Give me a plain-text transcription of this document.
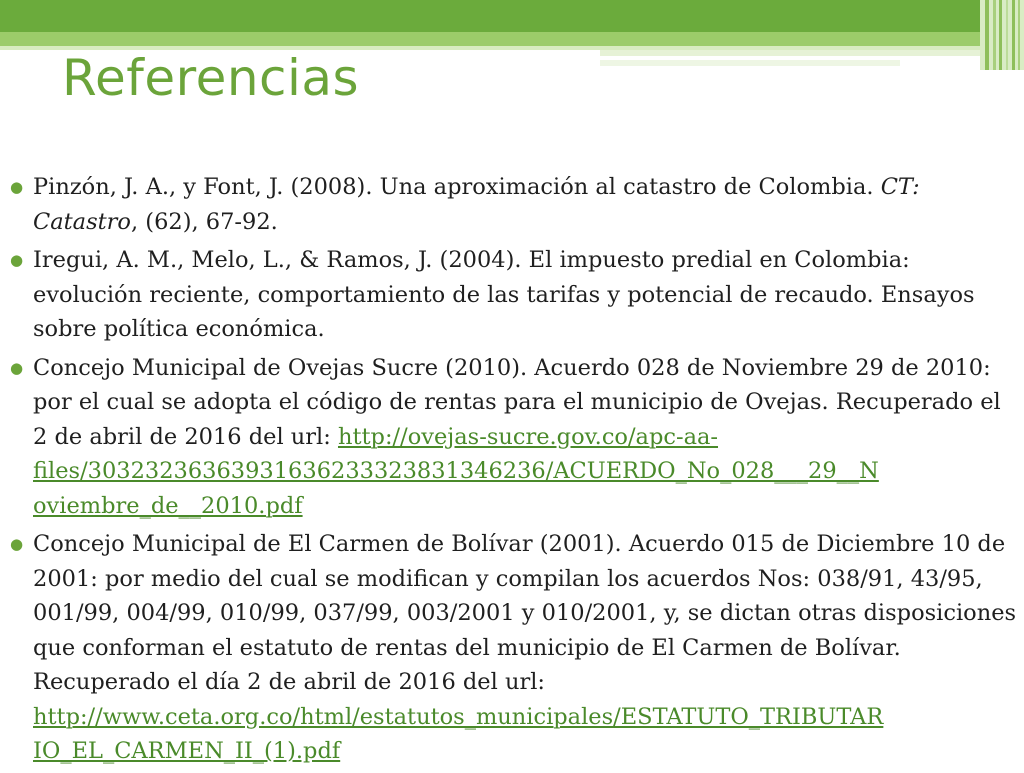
Referencias
● Pinzón, J. A., y Font, J. (2008). Una aproximación al catastro de Colombia. CT: Catastro, (62), 67-92.
● Iregui, A. M., Melo, L., & Ramos, J. (2004). El impuesto predial en Colombia: evolución reciente, comportamiento de las tarifas y potencial de recaudo. Ensayos sobre política económica.
● Concejo Municipal de Ovejas Sucre (2010). Acuerdo 028 de Noviembre 29 de 2010: por el cual se adopta el código de rentas para el municipio de Ovejas. Recuperado el 2 de abril de 2016 del url: http://ovejas-sucre.gov.co/apc-aa-
files/30323236363931636233323831346236/ACUERDO_No_028___29__N
oviembre_de__2010.pdf
● Concejo Municipal de El Carmen de Bolívar (2001). Acuerdo 015 de Diciembre 10 de 2001: por medio del cual se modifican y compilan los acuerdos Nos: 038/91, 43/95, 001/99, 004/99, 010/99, 037/99, 003/2001 y 010/2001, y, se dictan otras disposiciones que conforman el estatuto de rentas del municipio de El Carmen de Bolívar. Recuperado el día 2 de abril de 2016 del url:
http://www.ceta.org.co/html/estatutos_municipales/ESTATUTO_TRIBUTAR
IO_EL_CARMEN_II_(1).pdf
